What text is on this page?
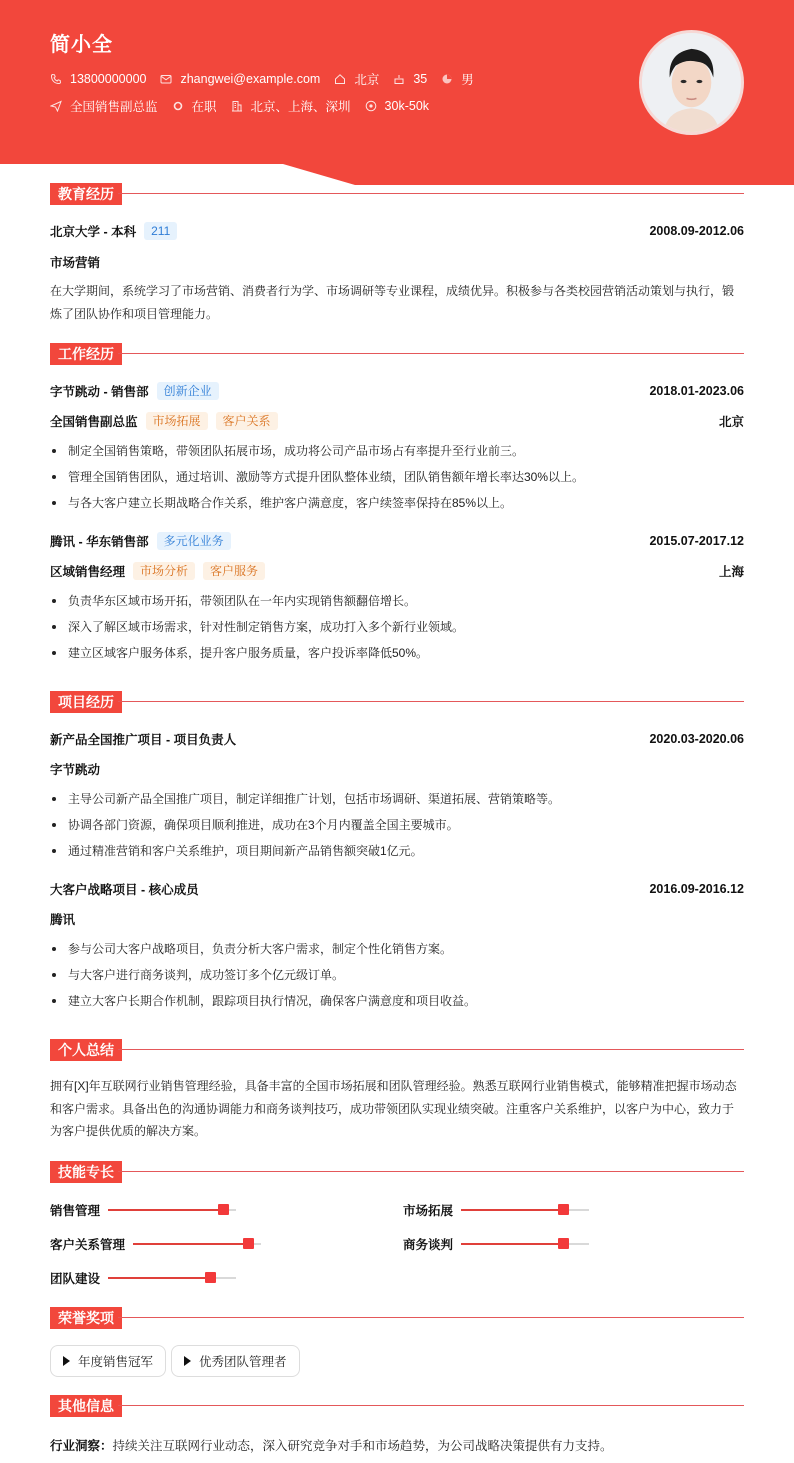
简小全
13800000000	zhangwei@example.com	北京	35	男
全国销售副总监	在职	北京、上海、深圳	30k-50k
教育经历
北京大学 - 本科	211	2008.09-2012.06
市场营销
在大学期间，系统学习了市场营销、消费者行为学、市场调研等专业课程，成绩优异。积极参与各类校园营销活动策划与执行，锻炼了团队协作和项目管理能力。
工作经历
字节跳动 - 销售部	创新企业	2018.01-2023.06
全国销售副总监	市场拓展	客户关系	北京
制定全国销售策略，带领团队拓展市场，成功将公司产品市场占有率提升至行业前三。
管理全国销售团队，通过培训、激励等方式提升团队整体业绩，团队销售额年增长率达30%以上。
与各大客户建立长期战略合作关系，维护客户满意度，客户续签率保持在85%以上。
腾讯 - 华东销售部	多元化业务	2015.07-2017.12
区域销售经理	市场分析	客户服务	上海
负责华东区域市场开拓，带领团队在一年内实现销售额翻倍增长。
深入了解区域市场需求，针对性制定销售方案，成功打入多个新行业领域。
建立区域客户服务体系，提升客户服务质量，客户投诉率降低50%。
项目经历
新产品全国推广项目 - 项目负责人	2020.03-2020.06
字节跳动
主导公司新产品全国推广项目，制定详细推广计划，包括市场调研、渠道拓展、营销策略等。
协调各部门资源，确保项目顺利推进，成功在3个月内覆盖全国主要城市。
通过精准营销和客户关系维护，项目期间新产品销售额突破1亿元。
大客户战略项目 - 核心成员	2016.09-2016.12
腾讯
参与公司大客户战略项目，负责分析大客户需求，制定个性化销售方案。
与大客户进行商务谈判，成功签订多个亿元级订单。
建立大客户长期合作机制，跟踪项目执行情况，确保客户满意度和项目收益。
个人总结
拥有[X]年互联网行业销售管理经验，具备丰富的全国市场拓展和团队管理经验。熟悉互联网行业销售模式，能够精准把握市场动态和客户需求。具备出色的沟通协调能力和商务谈判技巧，成功带领团队实现业绩突破。注重客户关系维护，以客户为中心，致力于为客户提供优质的解决方案。
技能专长
销售管理	市场拓展
客户关系管理	商务谈判
团队建设
荣誉奖项
年度销售冠军	优秀团队管理者
其他信息
行业洞察：持续关注互联网行业动态，深入研究竞争对手和市场趋势，为公司战略决策提供有力支持。
